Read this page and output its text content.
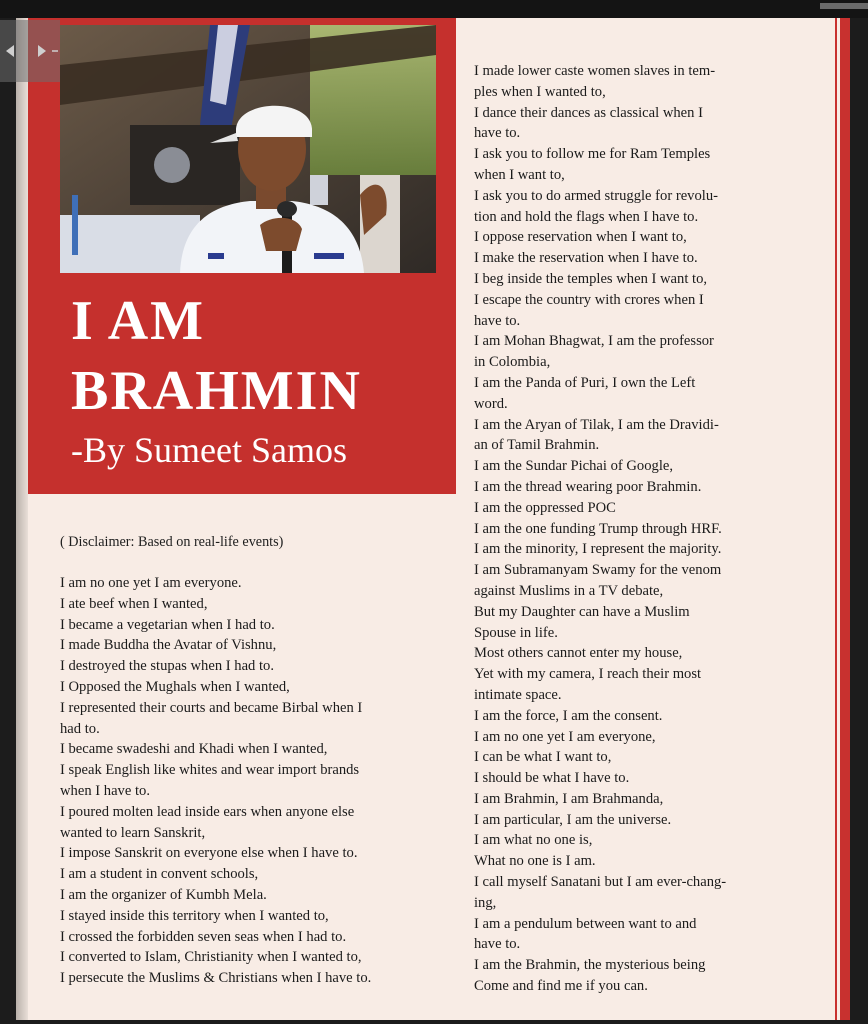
I AM
BRAHMIN
-By Sumeet Samos
( Disclaimer: Based on real-life events)
I am no one yet I am everyone.
I ate beef when I wanted,
I became a vegetarian when I had to.
I made Buddha the Avatar of Vishnu,
I destroyed the stupas when I had to.
I Opposed the Mughals when I wanted,
I represented their courts and became Birbal when I
had to.
I became swadeshi and Khadi when I wanted,
I speak English like whites and wear import brands
when I have to.
I poured molten lead inside ears when anyone else
wanted to learn Sanskrit,
I impose Sanskrit on everyone else when I have to.
I am a student in convent schools,
I am the organizer of Kumbh Mela.
I stayed inside this territory when I wanted to,
I crossed the forbidden seven seas when I had to.
I converted to Islam, Christianity when I wanted to,
I persecute the Muslims & Christians when I have to.
I made lower caste women slaves in tem-
ples when I wanted to,
I dance their dances as classical when I
have to.
I ask you to follow me for Ram Temples
when I want to,
I ask you to do armed struggle for revolu-
tion and hold the flags when I have to.
I oppose reservation when I want to,
I make the reservation when I have to.
I beg inside the temples when I want to,
I escape the country with crores when I
have to.
I am Mohan Bhagwat, I am the professor
in Colombia,
I am the Panda of Puri, I own the Left
word.
I am the Aryan of Tilak, I am the Dravidi-
an of Tamil Brahmin.
I am the Sundar Pichai of Google,
I am the thread wearing poor Brahmin.
I am the oppressed POC
I am the one funding Trump through HRF.
I am the minority, I represent the majority.
I am Subramanyam Swamy for the venom
against Muslims in a TV debate,
But my Daughter can have a Muslim
Spouse in life.
Most others cannot enter my house,
Yet with my camera, I reach their most
intimate space.
I am the force, I am the consent.
I am no one yet I am everyone,
I can be what I want to,
I should be what I have to.
I am Brahmin, I am Brahmanda,
I am particular, I am the universe.
I am what no one is,
What no one is I am.
I call myself Sanatani but I am ever-chang-
ing,
I am a pendulum between want to and
have to.
I am the Brahmin, the mysterious being
Come and find me if you can.
